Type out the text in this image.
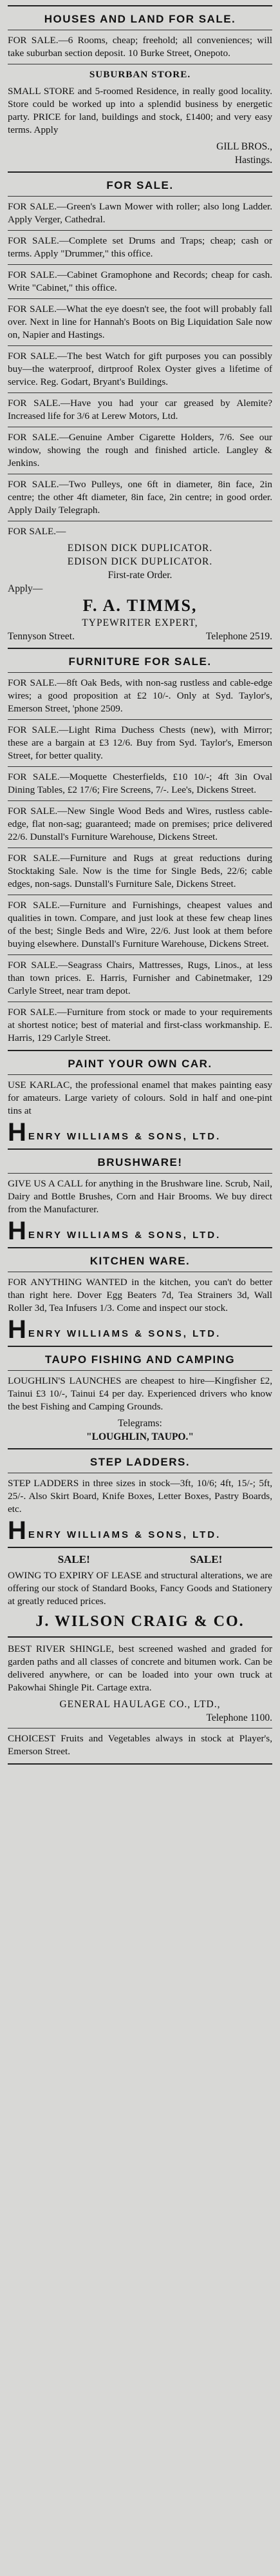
HOUSES AND LAND FOR SALE.
FOR SALE.—6 Rooms, cheap; freehold; all conveniences; will take suburban section deposit. 10 Burke Street, Onepoto.
SUBURBAN STORE.
SMALL STORE and 5-roomed Residence, in really good locality. Store could be worked up into a splendid business by energetic party. PRICE for land, buildings and stock, £1400; and very easy terms. Apply
GILL BROS.,
Hastings.
FOR SALE.
FOR SALE.—Green's Lawn Mower with roller; also long Ladder. Apply Verger, Cathedral.
FOR SALE.—Complete set Drums and Traps; cheap; cash or terms. Apply "Drummer," this office.
FOR SALE.—Cabinet Gramophone and Records; cheap for cash. Write "Cabinet," this office.
FOR SALE.—What the eye doesn't see, the foot will probably fall over. Next in line for Hannah's Boots on Big Liquidation Sale now on, Napier and Hastings.
FOR SALE.—The best Watch for gift purposes you can possibly buy—the waterproof, dirtproof Rolex Oyster gives a lifetime of service. Reg. Godart, Bryant's Buildings.
FOR SALE.—Have you had your car greased by Alemite? Increased life for 3/6 at Lerew Motors, Ltd.
FOR SALE.—Genuine Amber Cigarette Holders, 7/6. See our window, showing the rough and finished article. Langley & Jenkins.
FOR SALE.—Two Pulleys, one 6ft in diameter, 8in face, 2in centre; the other 4ft diameter, 8in face, 2in centre; in good order. Apply Daily Telegraph.
FOR SALE.—
EDISON DICK DUPLICATOR.
EDISON DICK DUPLICATOR.
First-rate Order.
Apply—
F. A. TIMMS,
TYPEWRITER EXPERT,
Tennyson Street.	Telephone 2519.
FURNITURE FOR SALE.
FOR SALE.—8ft Oak Beds, with non-sag rustless and cable-edge wires; a good proposition at £2 10/-. Only at Syd. Taylor's, Emerson Street, 'phone 2509.
FOR SALE.—Light Rima Duchess Chests (new), with Mirror; these are a bargain at £3 12/6. Buy from Syd. Taylor's, Emerson Street, for better quality.
FOR SALE.—Moquette Chesterfields, £10 10/-; 4ft 3in Oval Dining Tables, £2 17/6; Fire Screens, 7/-. Lee's, Dickens Street.
FOR SALE.—New Single Wood Beds and Wires, rustless cable-edge, flat non-sag; guaranteed; made on premises; price delivered 22/6. Dunstall's Furniture Warehouse, Dickens Street.
FOR SALE.—Furniture and Rugs at great reductions during Stocktaking Sale. Now is the time for Single Beds, 22/6; cable edges, non-sags. Dunstall's Furniture Sale, Dickens Street.
FOR SALE.—Furniture and Furnishings, cheapest values and qualities in town. Compare, and just look at these few cheap lines of the best; Single Beds and Wire, 22/6. Just look at them before buying elsewhere. Dunstall's Furniture Warehouse, Dickens Street.
FOR SALE.—Seagrass Chairs, Mattresses, Rugs, Linos., at less than town prices. E. Harris, Furnisher and Cabinetmaker, 129 Carlyle Street, near tram depot.
FOR SALE.—Furniture from stock or made to your requirements at shortest notice; best of material and first-class workmanship. E. Harris, 129 Carlyle Street.
PAINT YOUR OWN CAR.
USE KARLAC, the professional enamel that makes painting easy for amateurs. Large variety of colours. Sold in half and one-pint tins at
HENRY WILLIAMS & SONS, LTD.
BRUSHWARE!
GIVE US A CALL for anything in the Brushware line. Scrub, Nail, Dairy and Bottle Brushes, Corn and Hair Brooms. We buy direct from the Manufacturer.
HENRY WILLIAMS & SONS, LTD.
KITCHEN WARE.
FOR ANYTHING WANTED in the kitchen, you can't do better than right here. Dover Egg Beaters 7d, Tea Strainers 3d, Wall Roller 3d, Tea Infusers 1/3. Come and inspect our stock.
HENRY WILLIAMS & SONS, LTD.
TAUPO FISHING AND CAMPING
LOUGHLIN'S LAUNCHES are cheapest to hire—Kingfisher £2, Tainui £3 10/-, Tainui £4 per day. Experienced drivers who know the best Fishing and Camping Grounds.
Telegrams:
"LOUGHLIN, TAUPO."
STEP LADDERS.
STEP LADDERS in three sizes in stock—3ft, 10/6; 4ft, 15/-; 5ft, 25/-. Also Skirt Board, Knife Boxes, Letter Boxes, Pastry Boards, etc.
HENRY WILLIAMS & SONS, LTD.
SALE!	SALE!
OWING TO EXPIRY OF LEASE and structural alterations, we are offering our stock of Standard Books, Fancy Goods and Stationery at greatly reduced prices.
J. WILSON CRAIG & CO.
BEST RIVER SHINGLE, best screened washed and graded for garden paths and all classes of concrete and bitumen work. Can be delivered anywhere, or can be loaded into your own truck at Pakowhai Shingle Pit. Cartage extra.
GENERAL HAULAGE CO., LTD.,
Telephone 1100.
CHOICEST Fruits and Vegetables always in stock at Player's, Emerson Street.
